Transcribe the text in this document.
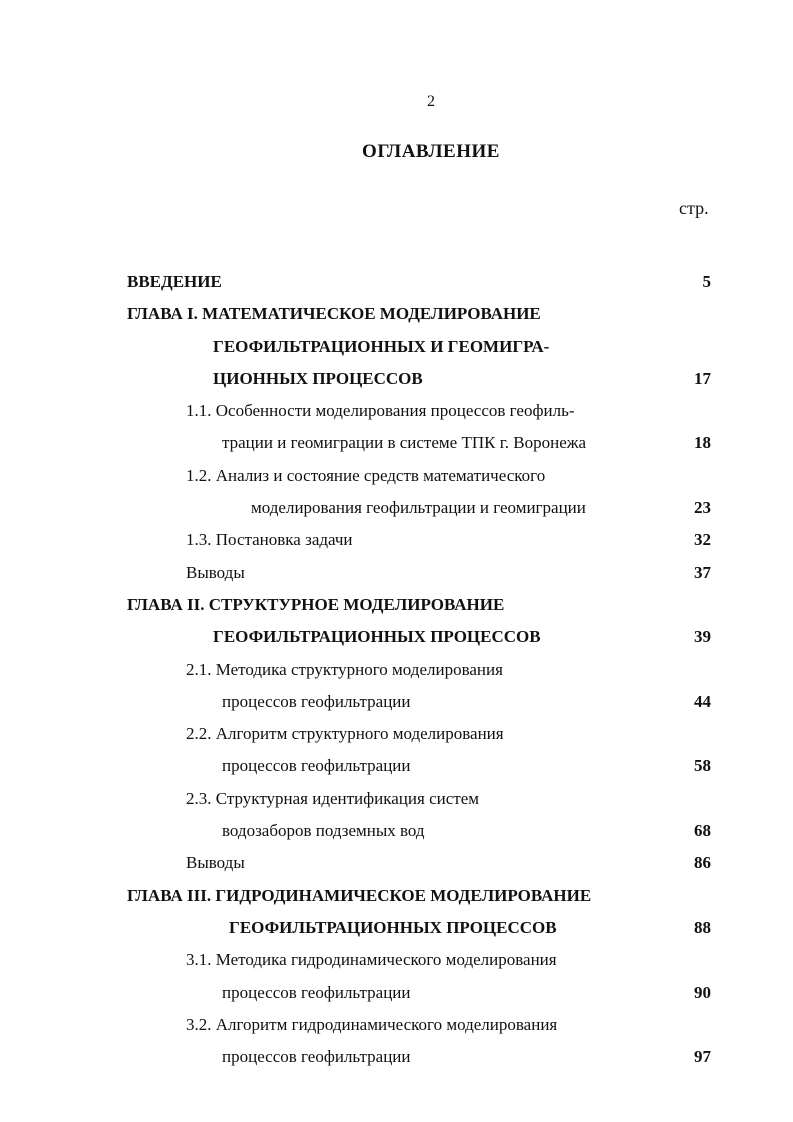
2
ОГЛАВЛЕНИЕ
стр.
ВВЕДЕНИЕ	5
ГЛАВА I. МАТЕМАТИЧЕСКОЕ МОДЕЛИРОВАНИЕ
ГЕОФИЛЬТРАЦИОННЫХ И ГЕОМИГРА-
ЦИОННЫХ ПРОЦЕССОВ	17
1.1. Особенности моделирования процессов геофиль-
трации и геомиграции в системе ТПК г. Воронежа	18
1.2. Анализ и состояние средств математического
моделирования геофильтрации и геомиграции	23
1.3. Постановка задачи	32
Выводы	37
ГЛАВА II. СТРУКТУРНОЕ МОДЕЛИРОВАНИЕ
ГЕОФИЛЬТРАЦИОННЫХ ПРОЦЕССОВ	39
2.1. Методика структурного моделирования
процессов геофильтрации	44
2.2. Алгоритм структурного моделирования
процессов геофильтрации	58
2.3. Структурная идентификация систем
водозаборов подземных вод	68
Выводы	86
ГЛАВА III. ГИДРОДИНАМИЧЕСКОЕ МОДЕЛИРОВАНИЕ
ГЕОФИЛЬТРАЦИОННЫХ ПРОЦЕССОВ	88
3.1. Методика гидродинамического моделирования
процессов геофильтрации	90
3.2. Алгоритм гидродинамического моделирования
процессов геофильтрации	97
